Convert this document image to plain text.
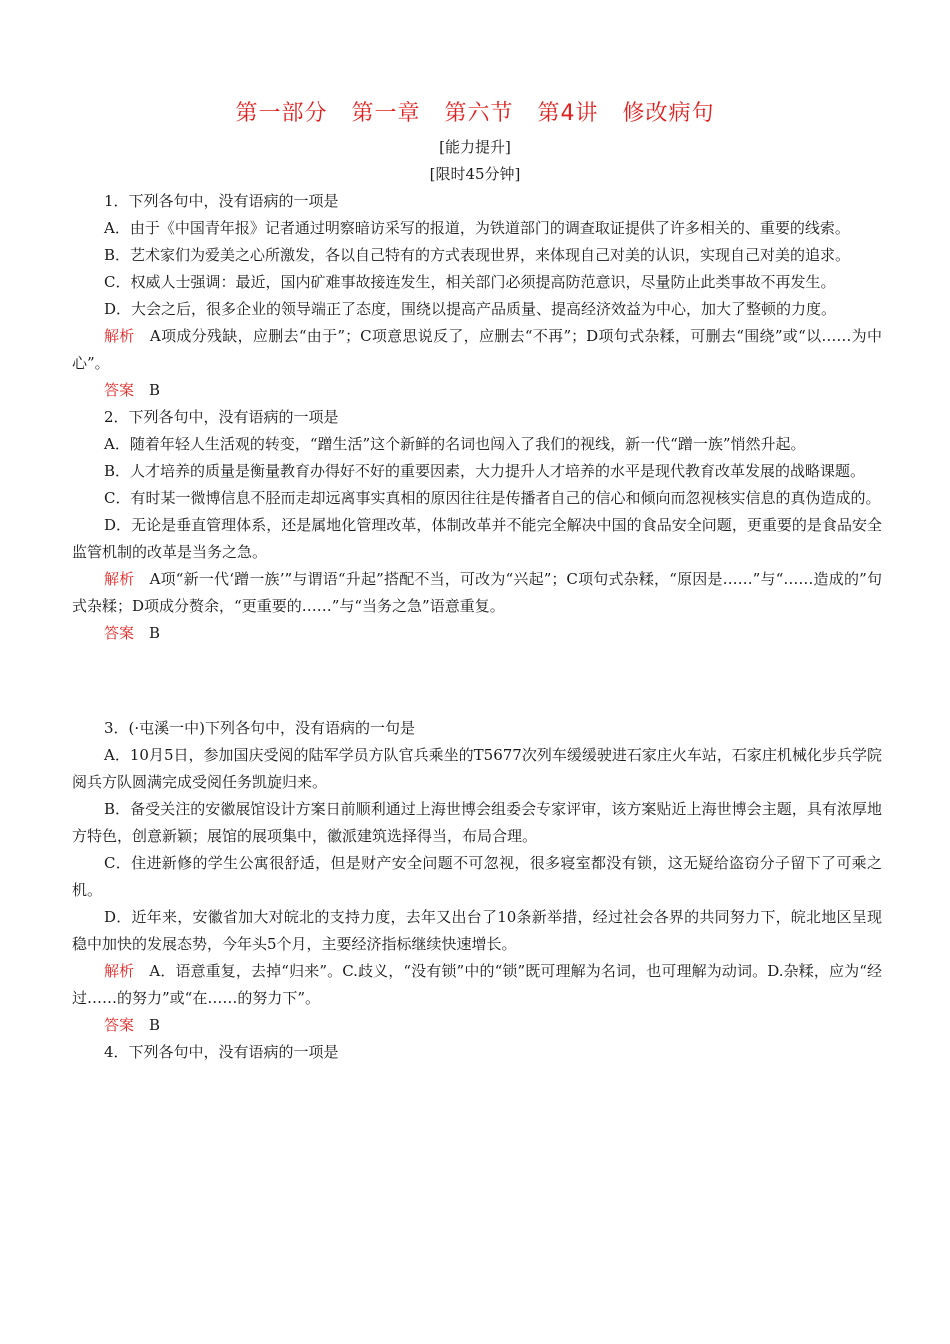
第一部分 第一章 第六节 第4讲 修改病句
[能力提升]
[限时45分钟]

1．下列各句中，没有语病的一项是

A．由于《中国青年报》记者通过明察暗访采写的报道，为铁道部门的调查取证提供了许多相关的、重要的线索。

B．艺术家们为爱美之心所激发，各以自己特有的方式表现世界，来体现自己对美的认识，实现自己对美的追求。

C．权威人士强调：最近，国内矿难事故接连发生，相关部门必须提高防范意识，尽量防止此类事故不再发生。

D．大会之后，很多企业的领导端正了态度，围绕以提高产品质量、提高经济效益为中心，加大了整顿的力度。

解析　A项成分残缺，应删去“由于”；C项意思说反了，应删去“不再”；D项句式杂糅，可删去“围绕”或“以……为中心”。

答案　B

2．下列各句中，没有语病的一项是

A．随着年轻人生活观的转变，“蹭生活”这个新鲜的名词也闯入了我们的视线，新一代“蹭一族”悄然升起。

B．人才培养的质量是衡量教育办得好不好的重要因素，大力提升人才培养的水平是现代教育改革发展的战略课题。

C．有时某一微博信息不胫而走却远离事实真相的原因往往是传播者自己的信心和倾向而忽视核实信息的真伪造成的。

D．无论是垂直管理体系，还是属地化管理改革，体制改革并不能完全解决中国的食品安全问题，更重要的是食品安全监管机制的改革是当务之急。

解析　A项“新一代‘蹭一族’”与谓语“升起”搭配不当，可改为“兴起”；C项句式杂糅，“原因是……”与“……造成的”句式杂糅；D项成分赘余，“更重要的……”与“当务之急”语意重复。

答案　B

3．(·屯溪一中)下列各句中，没有语病的一句是

A．10月5日，参加国庆受阅的陆军学员方队官兵乘坐的T5677次列车缓缓驶进石家庄火车站，石家庄机械化步兵学院阅兵方队圆满完成受阅任务凯旋归来。

B．备受关注的安徽展馆设计方案日前顺利通过上海世博会组委会专家评审，该方案贴近上海世博会主题，具有浓厚地方特色，创意新颖；展馆的展项集中，徽派建筑选择得当，布局合理。

C．住进新修的学生公寓很舒适，但是财产安全问题不可忽视，很多寝室都没有锁，这无疑给盗窃分子留下了可乘之机。

D．近年来，安徽省加大对皖北的支持力度，去年又出台了10条新举措，经过社会各界的共同努力下，皖北地区呈现稳中加快的发展态势，今年头5个月，主要经济指标继续快速增长。

解析　A．语意重复，去掉“归来”。C.歧义，“没有锁”中的“锁”既可理解为名词，也可理解为动词。D.杂糅，应为“经过……的努力”或“在……的努力下”。

答案　B

4．下列各句中，没有语病的一项是
